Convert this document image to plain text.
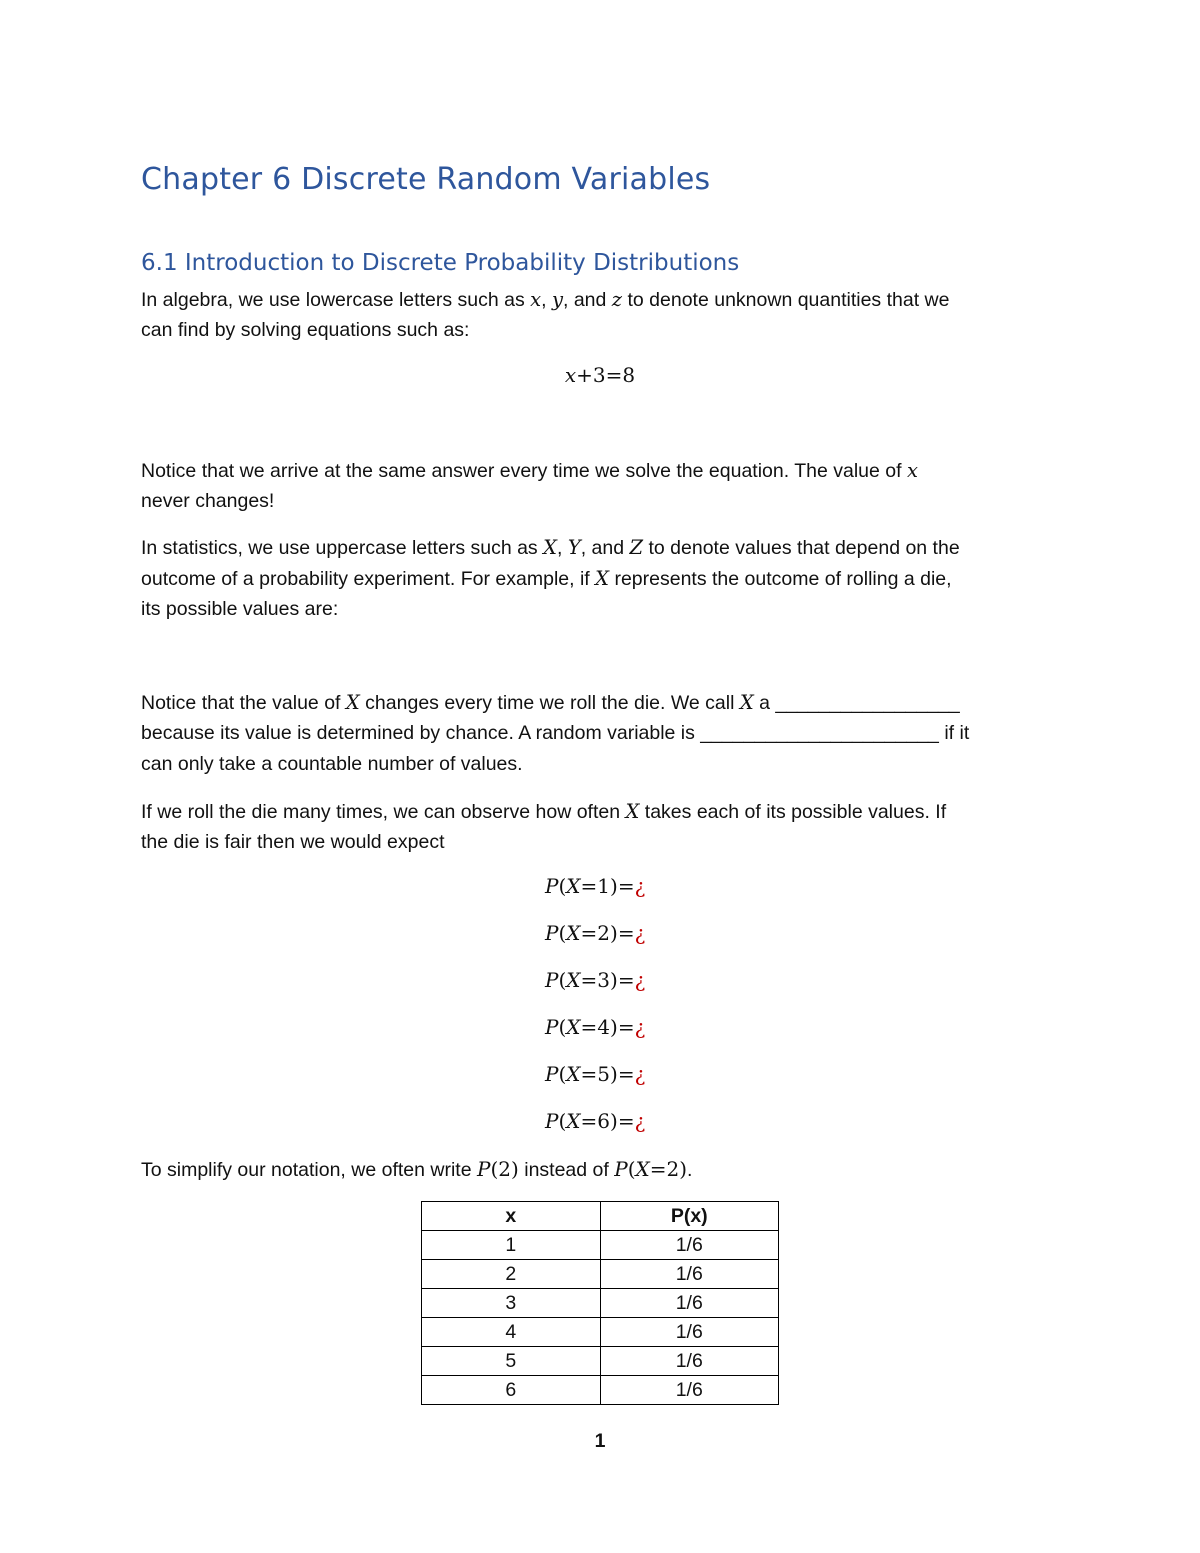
Chapter 6 Discrete Random Variables
6.1 Introduction to Discrete Probability Distributions
In algebra, we use lowercase letters such as x, y, and z to denote unknown quantities that we
can find by solving equations such as:
x+3=8
Notice that we arrive at the same answer every time we solve the equation. The value of x
never changes!
In statistics, we use uppercase letters such as X, Y, and Z to denote values that depend on the
outcome of a probability experiment. For example, if X represents the outcome of rolling a die,
its possible values are:
Notice that the value of X changes every time we roll the die. We call X a _________________
because its value is determined by chance. A random variable is ______________________ if it
can only take a countable number of values.
If we roll the die many times, we can observe how often X takes each of its possible values. If
the die is fair then we would expect
P(X=1)=¿
P(X=2)=¿
P(X=3)=¿
P(X=4)=¿
P(X=5)=¿
P(X=6)=¿
To simplify our notation, we often write P(2) instead of P(X=2).
x	P(x)
1	1/6
2	1/6
3	1/6
4	1/6
5	1/6
6	1/6
1
